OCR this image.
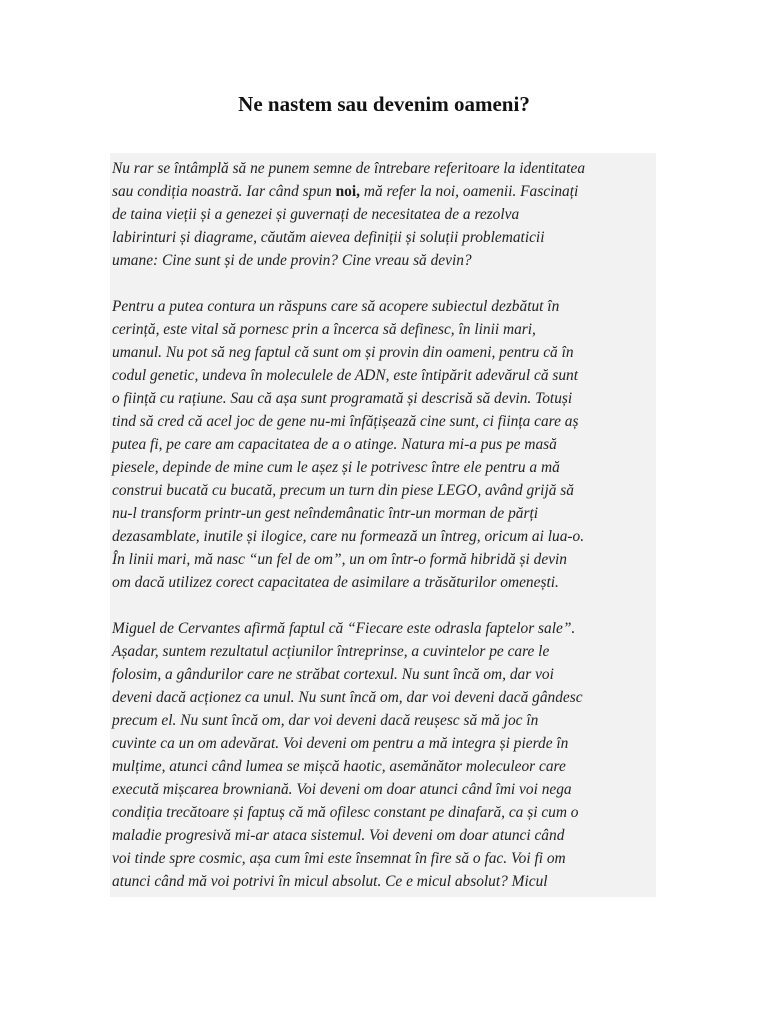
Ne nastem sau devenim oameni?

Nu rar se întâmplă să ne punem semne de întrebare referitoare la identitatea
sau condiția noastră. Iar când spun noi, mă refer la noi, oamenii. Fascinați
de taina vieții și a genezei și guvernați de necesitatea de a rezolva
labirinturi și diagrame, căutăm aievea definiții și soluții problematicii
umane: Cine sunt și de unde provin? Cine vreau să devin?

Pentru a putea contura un răspuns care să acopere subiectul dezbătut în
cerință, este vital să pornesc prin a încerca să definesc, în linii mari,
umanul. Nu pot să neg faptul că sunt om și provin din oameni, pentru că în
codul genetic, undeva în moleculele de ADN, este întipărit adevărul că sunt
o ființă cu rațiune. Sau că așa sunt programată și descrisă să devin. Totuși
tind să cred că acel joc de gene nu-mi înfățișează cine sunt, ci ființa care aș
putea fi, pe care am capacitatea de a o atinge. Natura mi-a pus pe masă
piesele, depinde de mine cum le așez și le potrivesc între ele pentru a mă
construi bucată cu bucată, precum un turn din piese LEGO, având grijă să
nu-l transform printr-un gest neîndemânatic într-un morman de părți
dezasamblate, inutile și ilogice, care nu formează un întreg, oricum ai lua-o.
În linii mari, mă nasc “un fel de om”, un om într-o formă hibridă și devin
om dacă utilizez corect capacitatea de asimilare a trăsăturilor omenești.

Miguel de Cervantes afirmă faptul că “Fiecare este odrasla faptelor sale”.
Așadar, suntem rezultatul acțiunilor întreprinse, a cuvintelor pe care le
folosim, a gândurilor care ne străbat cortexul. Nu sunt încă om, dar voi
deveni dacă acționez ca unul. Nu sunt încă om, dar voi deveni dacă gândesc
precum el. Nu sunt încă om, dar voi deveni dacă reușesc să mă joc în
cuvinte ca un om adevărat. Voi deveni om pentru a mă integra și pierde în
mulțime, atunci când lumea se mișcă haotic, asemănător moleculeor care
execută mișcarea browniană. Voi deveni om doar atunci când îmi voi nega
condiția trecătoare și faptuș că mă ofilesc constant pe dinafară, ca și cum o
maladie progresivă mi-ar ataca sistemul. Voi deveni om doar atunci când
voi tinde spre cosmic, așa cum îmi este însemnat în fire să o fac. Voi fi om
atunci când mă voi potrivi în micul absolut. Ce e micul absolut? Micul
